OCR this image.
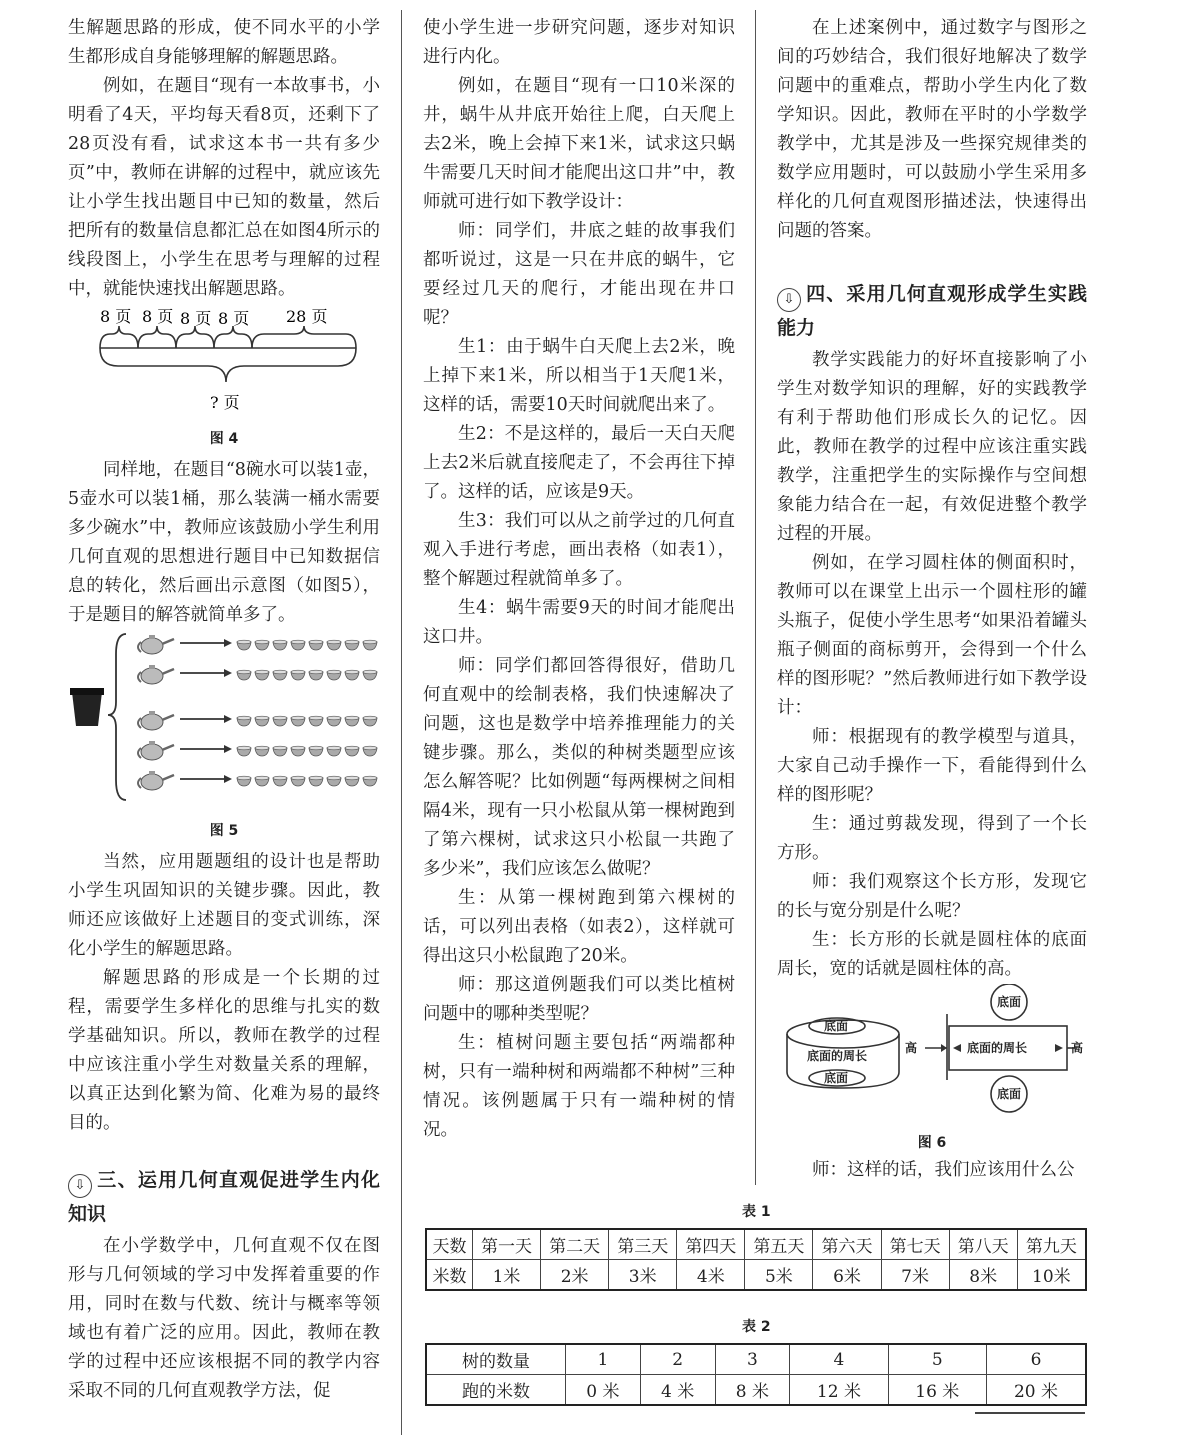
生解题思路的形成，使不同水平的小学生都形成自身能够理解的解题思路。

例如，在题目“现有一本故事书，小明看了4天，平均每天看8页，还剩下了28页没有看，试求这本书一共有多少页”中，教师在讲解的过程中，就应该先让小学生找出题目中已知的数量，然后把所有的数量信息都汇总在如图4所示的线段图上，小学生在思考与理解的过程中，就能快速找出解题思路。

8 页 8 页 8 页 8 页 28 页
? 页
图 4

同样地，在题目“8碗水可以装1壶，5壶水可以装1桶，那么装满一桶水需要多少碗水”中，教师应该鼓励小学生利用几何直观的思想进行题目中已知数据信息的转化，然后画出示意图（如图5），于是题目的解答就简单多了。

图 5

当然，应用题题组的设计也是帮助小学生巩固知识的关键步骤。因此，教师还应该做好上述题目的变式训练，深化小学生的解题思路。

解题思路的形成是一个长期的过程，需要学生多样化的思维与扎实的数学基础知识。所以，教师在教学的过程中应该注重小学生对数量关系的理解，以真正达到化繁为简、化难为易的最终目的。

⇩ 三、运用几何直观促进学生内化知识

在小学数学中，几何直观不仅在图形与几何领域的学习中发挥着重要的作用，同时在数与代数、统计与概率等领域也有着广泛的应用。因此，教师在教学的过程中还应该根据不同的教学内容采取不同的几何直观教学方法，促

使小学生进一步研究问题，逐步对知识进行内化。

例如，在题目“现有一口10米深的井，蜗牛从井底开始往上爬，白天爬上去2米，晚上会掉下来1米，试求这只蜗牛需要几天时间才能爬出这口井”中，教师就可进行如下教学设计：

师：同学们，井底之蛙的故事我们都听说过，这是一只在井底的蜗牛，它要经过几天的爬行，才能出现在井口呢？

生1：由于蜗牛白天爬上去2米，晚上掉下来1米，所以相当于1天爬1米，这样的话，需要10天时间就爬出来了。

生2：不是这样的，最后一天白天爬上去2米后就直接爬走了，不会再往下掉了。这样的话，应该是9天。

生3：我们可以从之前学过的几何直观入手进行考虑，画出表格（如表1），整个解题过程就简单多了。

生4：蜗牛需要9天的时间才能爬出这口井。

师：同学们都回答得很好，借助几何直观中的绘制表格，我们快速解决了问题，这也是数学中培养推理能力的关键步骤。那么，类似的种树类题型应该怎么解答呢？比如例题“每两棵树之间相隔4米，现有一只小松鼠从第一棵树跑到了第六棵树，试求这只小松鼠一共跑了多少米”，我们应该怎么做呢？

生：从第一棵树跑到第六棵树的话，可以列出表格（如表2），这样就可得出这只小松鼠跑了20米。

师：那这道例题我们可以类比植树问题中的哪种类型呢？

生：植树问题主要包括“两端都种树，只有一端种树和两端都不种树”三种情况。该例题属于只有一端种树的情况。

在上述案例中，通过数字与图形之间的巧妙结合，我们很好地解决了数学问题中的重难点，帮助小学生内化了数学知识。因此，教师在平时的小学数学教学中，尤其是涉及一些探究规律类的数学应用题时，可以鼓励小学生采用多样化的几何直观图形描述法，快速得出问题的答案。

⇩ 四、采用几何直观形成学生实践能力

教学实践能力的好坏直接影响了小学生对数学知识的理解，好的实践教学有利于帮助他们形成长久的记忆。因此，教师在教学的过程中应该注重实践教学，注重把学生的实际操作与空间想象能力结合在一起，有效促进整个教学过程的开展。

例如，在学习圆柱体的侧面积时，教师可以在课堂上出示一个圆柱形的罐头瓶子，促使小学生思考“如果沿着罐头瓶子侧面的商标剪开，会得到一个什么样的图形呢？”然后教师进行如下教学设计：

师：根据现有的教学模型与道具，大家自己动手操作一下，看能得到什么样的图形呢？

生：通过剪裁发现，得到了一个长方形。

师：我们观察这个长方形，发现它的长与宽分别是什么呢？

生：长方形的长就是圆柱体的底面周长，宽的话就是圆柱体的高。

底面
底面的周长
底面
高	底面的周长	高
底面
底面
图 6

师：这样的话，我们应该用什么公

表 1
天数	第一天	第二天	第三天	第四天	第五天	第六天	第七天	第八天	第九天
米数	1米	2米	3米	4米	5米	6米	7米	8米	10米
表 2
树的数量	1	2	3	4	5	6
跑的米数	0 米	4 米	8 米	12 米	16 米	20 米
